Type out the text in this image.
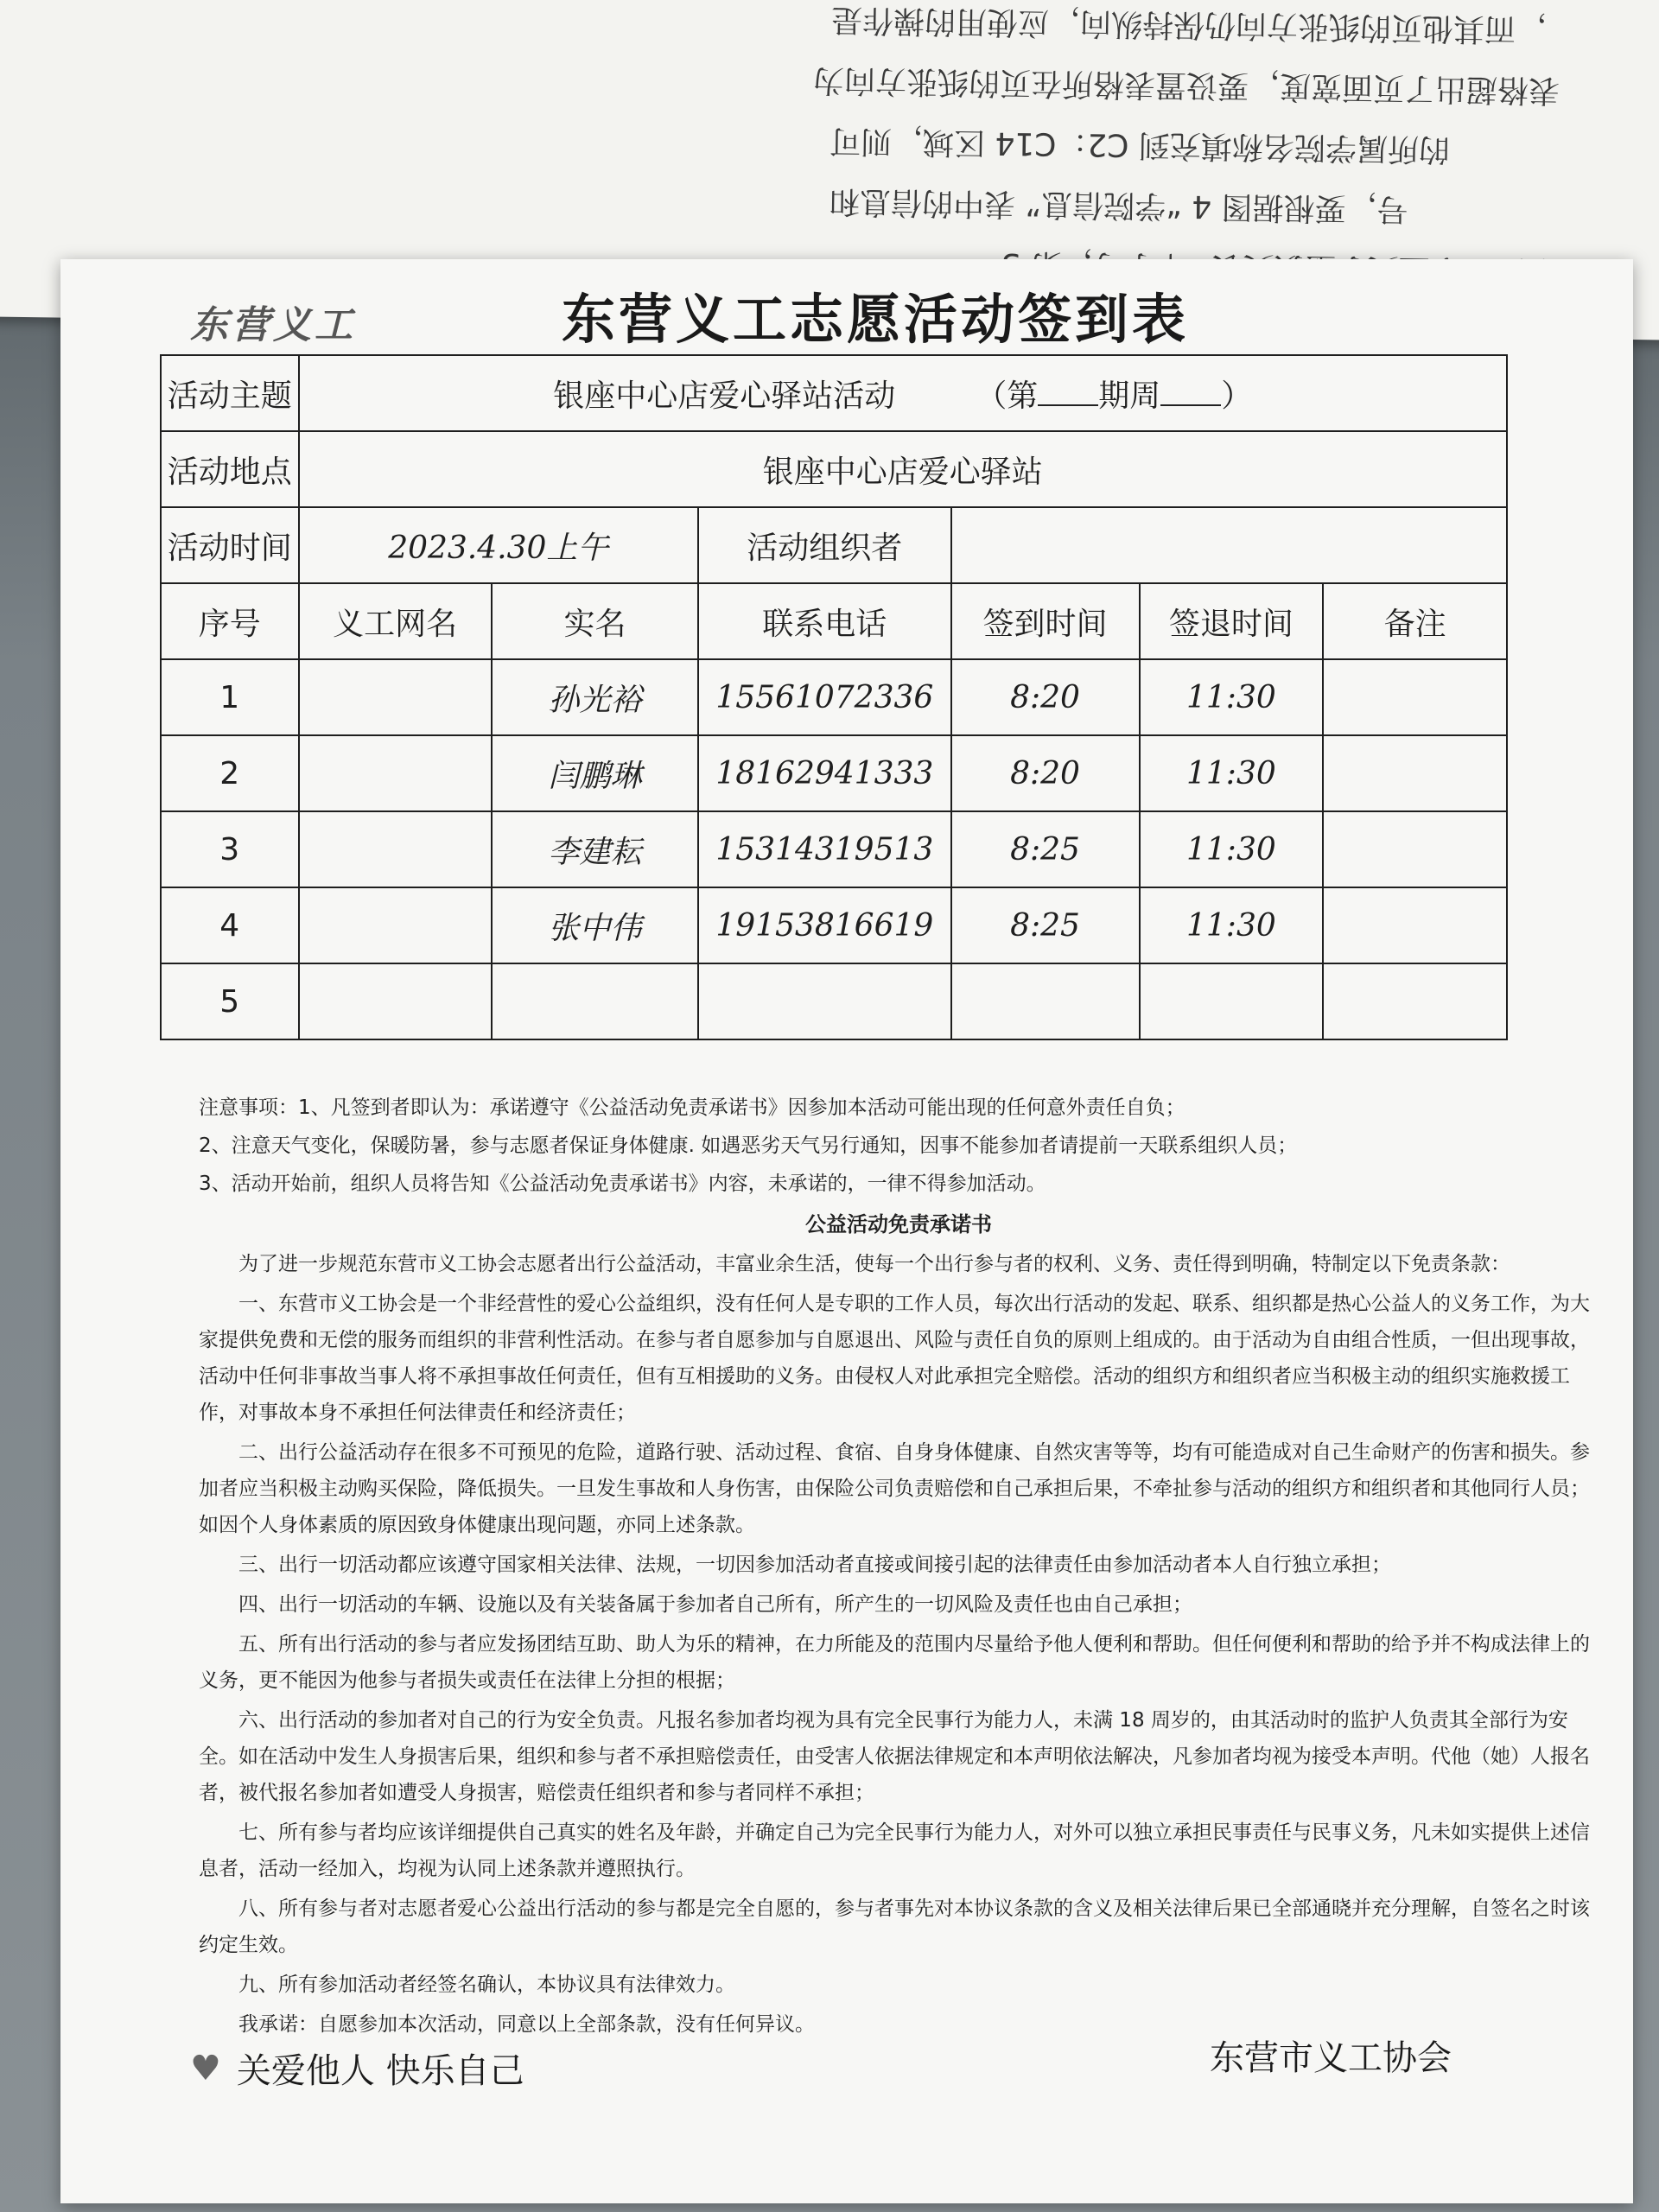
号，要根据图 4 “学院信息” 表中的信息和
的所属学院名称填充到 C2：C14 区域，则可
表格超出了页面宽度，要设置表格所在页的纸张方向为
，而其他页的纸张方向仍保持纵向，应使用的操作是
东营义工	东营义工志愿活动签到表
活动主题	银座中心店爱心驿站活动 （第 期周 ）					
活动地点	银座中心店爱心驿站					
活动时间	2023.4.30上午		活动组织者			
序号	义工网名	实名	联系电话	签到时间	签退时间	备注
1		孙光裕	15561072336	8:20	11:30	
2		闫鹏琳	18162941333	8:20	11:30	
3		李建耘	15314319513	8:25	11:30	
4		张中伟	19153816619	8:25	11:30	
5						
注意事项：1、凡签到者即认为：承诺遵守《公益活动免责承诺书》因参加本活动可能出现的任何意外责任自负；
2、注意天气变化，保暖防暑，参与志愿者保证身体健康. 如遇恶劣天气另行通知，因事不能参加者请提前一天联系组织人员；
3、活动开始前，组织人员将告知《公益活动免责承诺书》内容，未承诺的，一律不得参加活动。
公益活动免责承诺书

为了进一步规范东营市义工协会志愿者出行公益活动，丰富业余生活，使每一个出行参与者的权利、义务、责任得到明确，特制定以下免责条款：

一、东营市义工协会是一个非经营性的爱心公益组织，没有任何人是专职的工作人员，每次出行活动的发起、联系、组织都是热心公益人的义务工作，为大家提供免费和无偿的服务而组织的非营利性活动。在参与者自愿参加与自愿退出、风险与责任自负的原则上组成的。由于活动为自由组合性质，一但出现事故，活动中任何非事故当事人将不承担事故任何责任，但有互相援助的义务。由侵权人对此承担完全赔偿。活动的组织方和组织者应当积极主动的组织实施救援工作，对事故本身不承担任何法律责任和经济责任；

二、出行公益活动存在很多不可预见的危险，道路行驶、活动过程、食宿、自身身体健康、自然灾害等等，均有可能造成对自己生命财产的伤害和损失。参加者应当积极主动购买保险，降低损失。一旦发生事故和人身伤害，由保险公司负责赔偿和自己承担后果，不牵扯参与活动的组织方和组织者和其他同行人员；如因个人身体素质的原因致身体健康出现问题，亦同上述条款。

三、出行一切活动都应该遵守国家相关法律、法规，一切因参加活动者直接或间接引起的法律责任由参加活动者本人自行独立承担；

四、出行一切活动的车辆、设施以及有关装备属于参加者自己所有，所产生的一切风险及责任也由自己承担；

五、所有出行活动的参与者应发扬团结互助、助人为乐的精神，在力所能及的范围内尽量给予他人便利和帮助。但任何便利和帮助的给予并不构成法律上的义务，更不能因为他参与者损失或责任在法律上分担的根据；

六、出行活动的参加者对自己的行为安全负责。凡报名参加者均视为具有完全民事行为能力人，未满 18 周岁的，由其活动时的监护人负责其全部行为安全。如在活动中发生人身损害后果，组织和参与者不承担赔偿责任，由受害人依据法律规定和本声明依法解决，凡参加者均视为接受本声明。代他（她）人报名者，被代报名参加者如遭受人身损害，赔偿责任组织者和参与者同样不承担；

七、所有参与者均应该详细提供自己真实的姓名及年龄，并确定自己为完全民事行为能力人，对外可以独立承担民事责任与民事义务，凡未如实提供上述信息者，活动一经加入，均视为认同上述条款并遵照执行。

八、所有参与者对志愿者爱心公益出行活动的参与都是完全自愿的，参与者事先对本协议条款的含义及相关法律后果已全部通晓并充分理解，自签名之时该约定生效。

九、所有参加活动者经签名确认，本协议具有法律效力。

我承诺：自愿参加本次活动，同意以上全部条款，没有任何异议。

♥ 关爱他人 快乐自己	东营市义工协会
